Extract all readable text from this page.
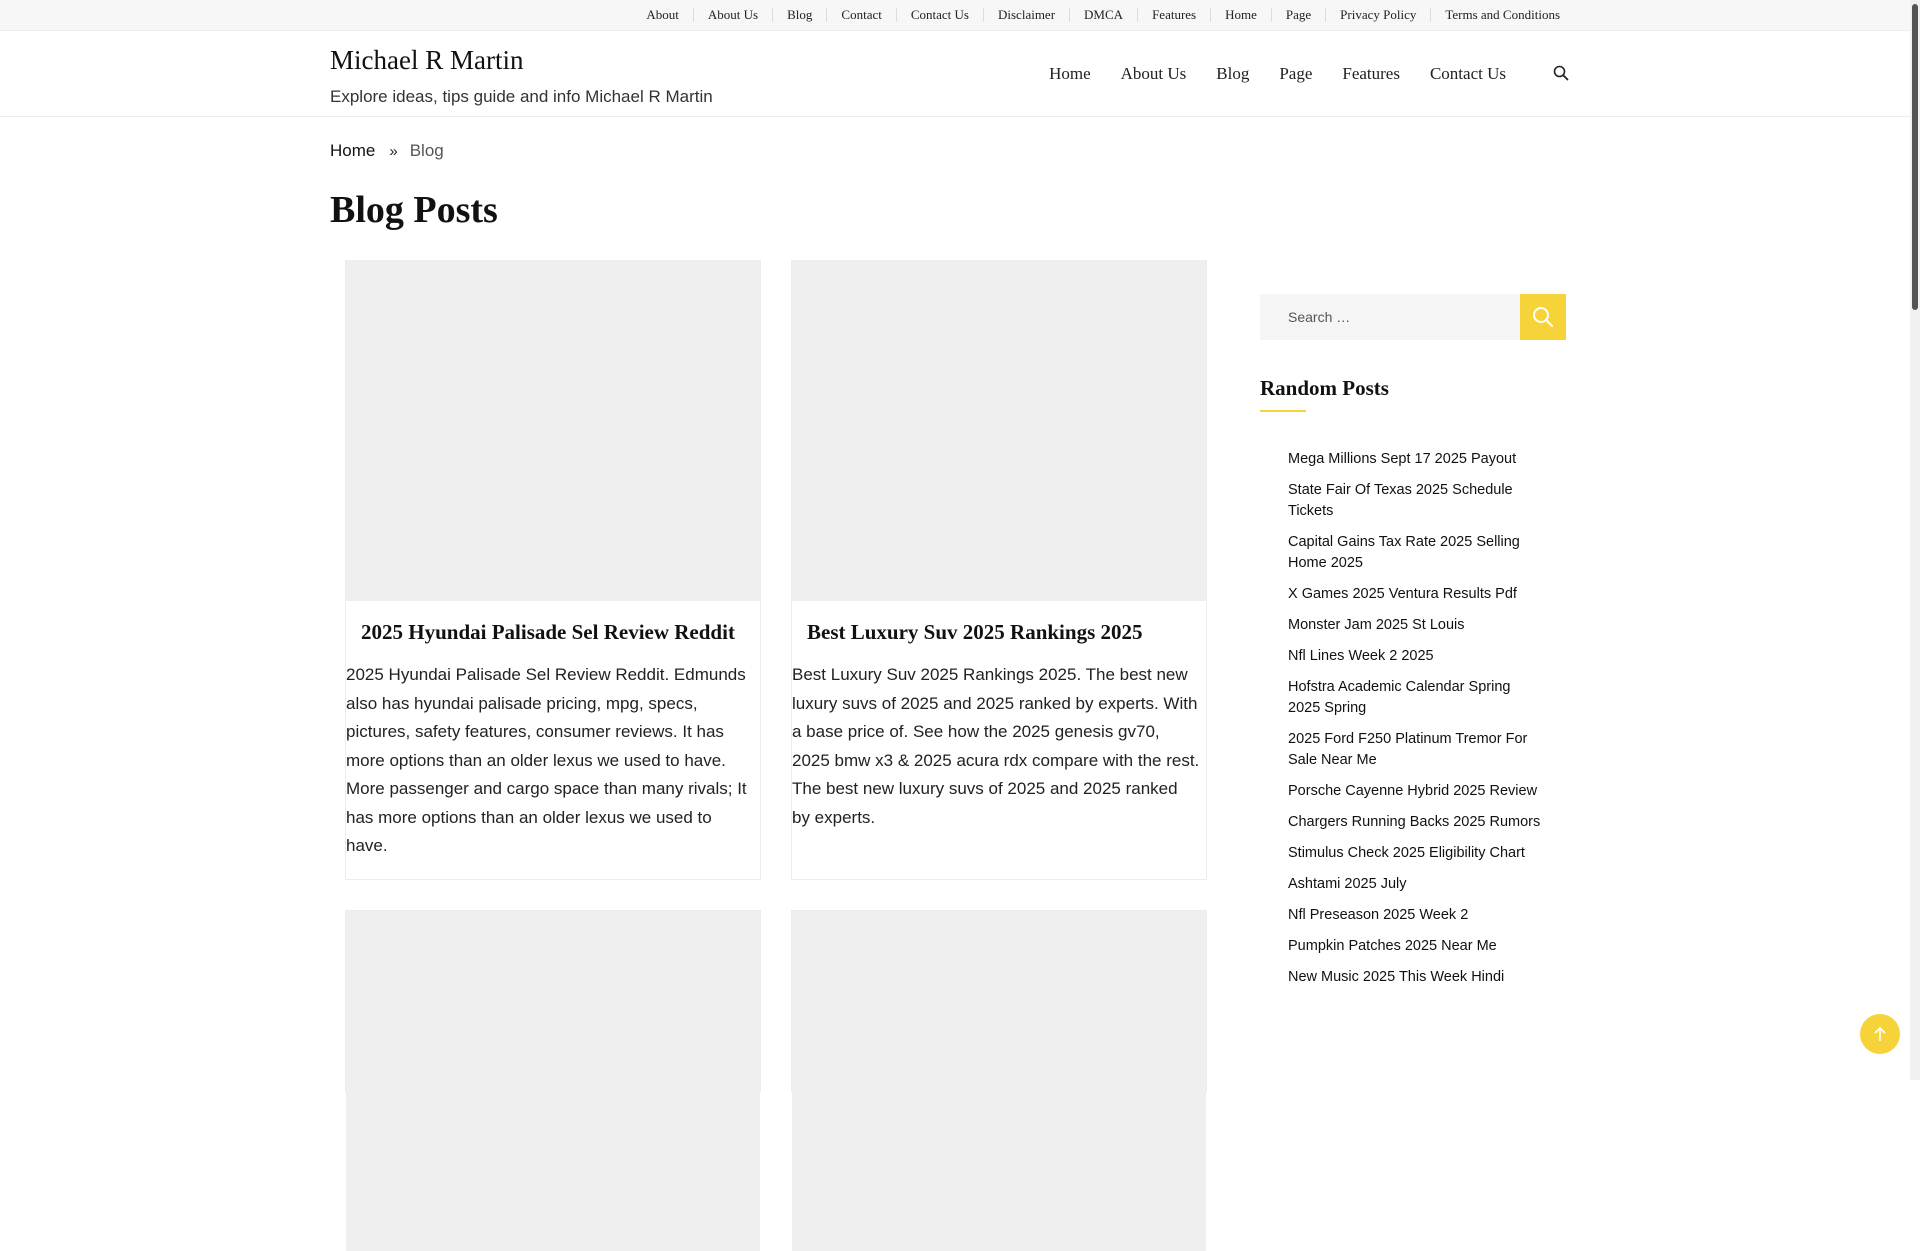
About	About Us	Blog	Contact	Contact Us	Disclaimer	DMCA	Features	Home	Page	Privacy Policy	Terms and Conditions
Michael R Martin
Explore ideas, tips guide and info Michael R Martin
Home About Us Blog Page Features Contact Us
Home » Blog
Blog Posts
2025 Hyundai Palisade Sel Review Reddit

2025 Hyundai Palisade Sel Review Reddit. Edmunds also has hyundai palisade pricing, mpg, specs, pictures, safety features, consumer reviews. It has more options than an older lexus we used to have. More passenger and cargo space than many rivals; It has more options than an older lexus we used to have.

Best Luxury Suv 2025 Rankings 2025

Best Luxury Suv 2025 Rankings 2025. The best new luxury suvs of 2025 and 2025 ranked by experts. With a base price of. See how the 2025 genesis gv70, 2025 bmw x3 & 2025 acura rdx compare with the rest. The best new luxury suvs of 2025 and 2025 ranked by experts.

Search …
Random Posts
Mega Millions Sept 17 2025 Payout
State Fair Of Texas 2025 Schedule Tickets
Capital Gains Tax Rate 2025 Selling Home 2025
X Games 2025 Ventura Results Pdf
Monster Jam 2025 St Louis
Nfl Lines Week 2 2025
Hofstra Academic Calendar Spring 2025 Spring
2025 Ford F250 Platinum Tremor For Sale Near Me
Porsche Cayenne Hybrid 2025 Review
Chargers Running Backs 2025 Rumors
Stimulus Check 2025 Eligibility Chart
Ashtami 2025 July
Nfl Preseason 2025 Week 2
Pumpkin Patches 2025 Near Me
New Music 2025 This Week Hindi
